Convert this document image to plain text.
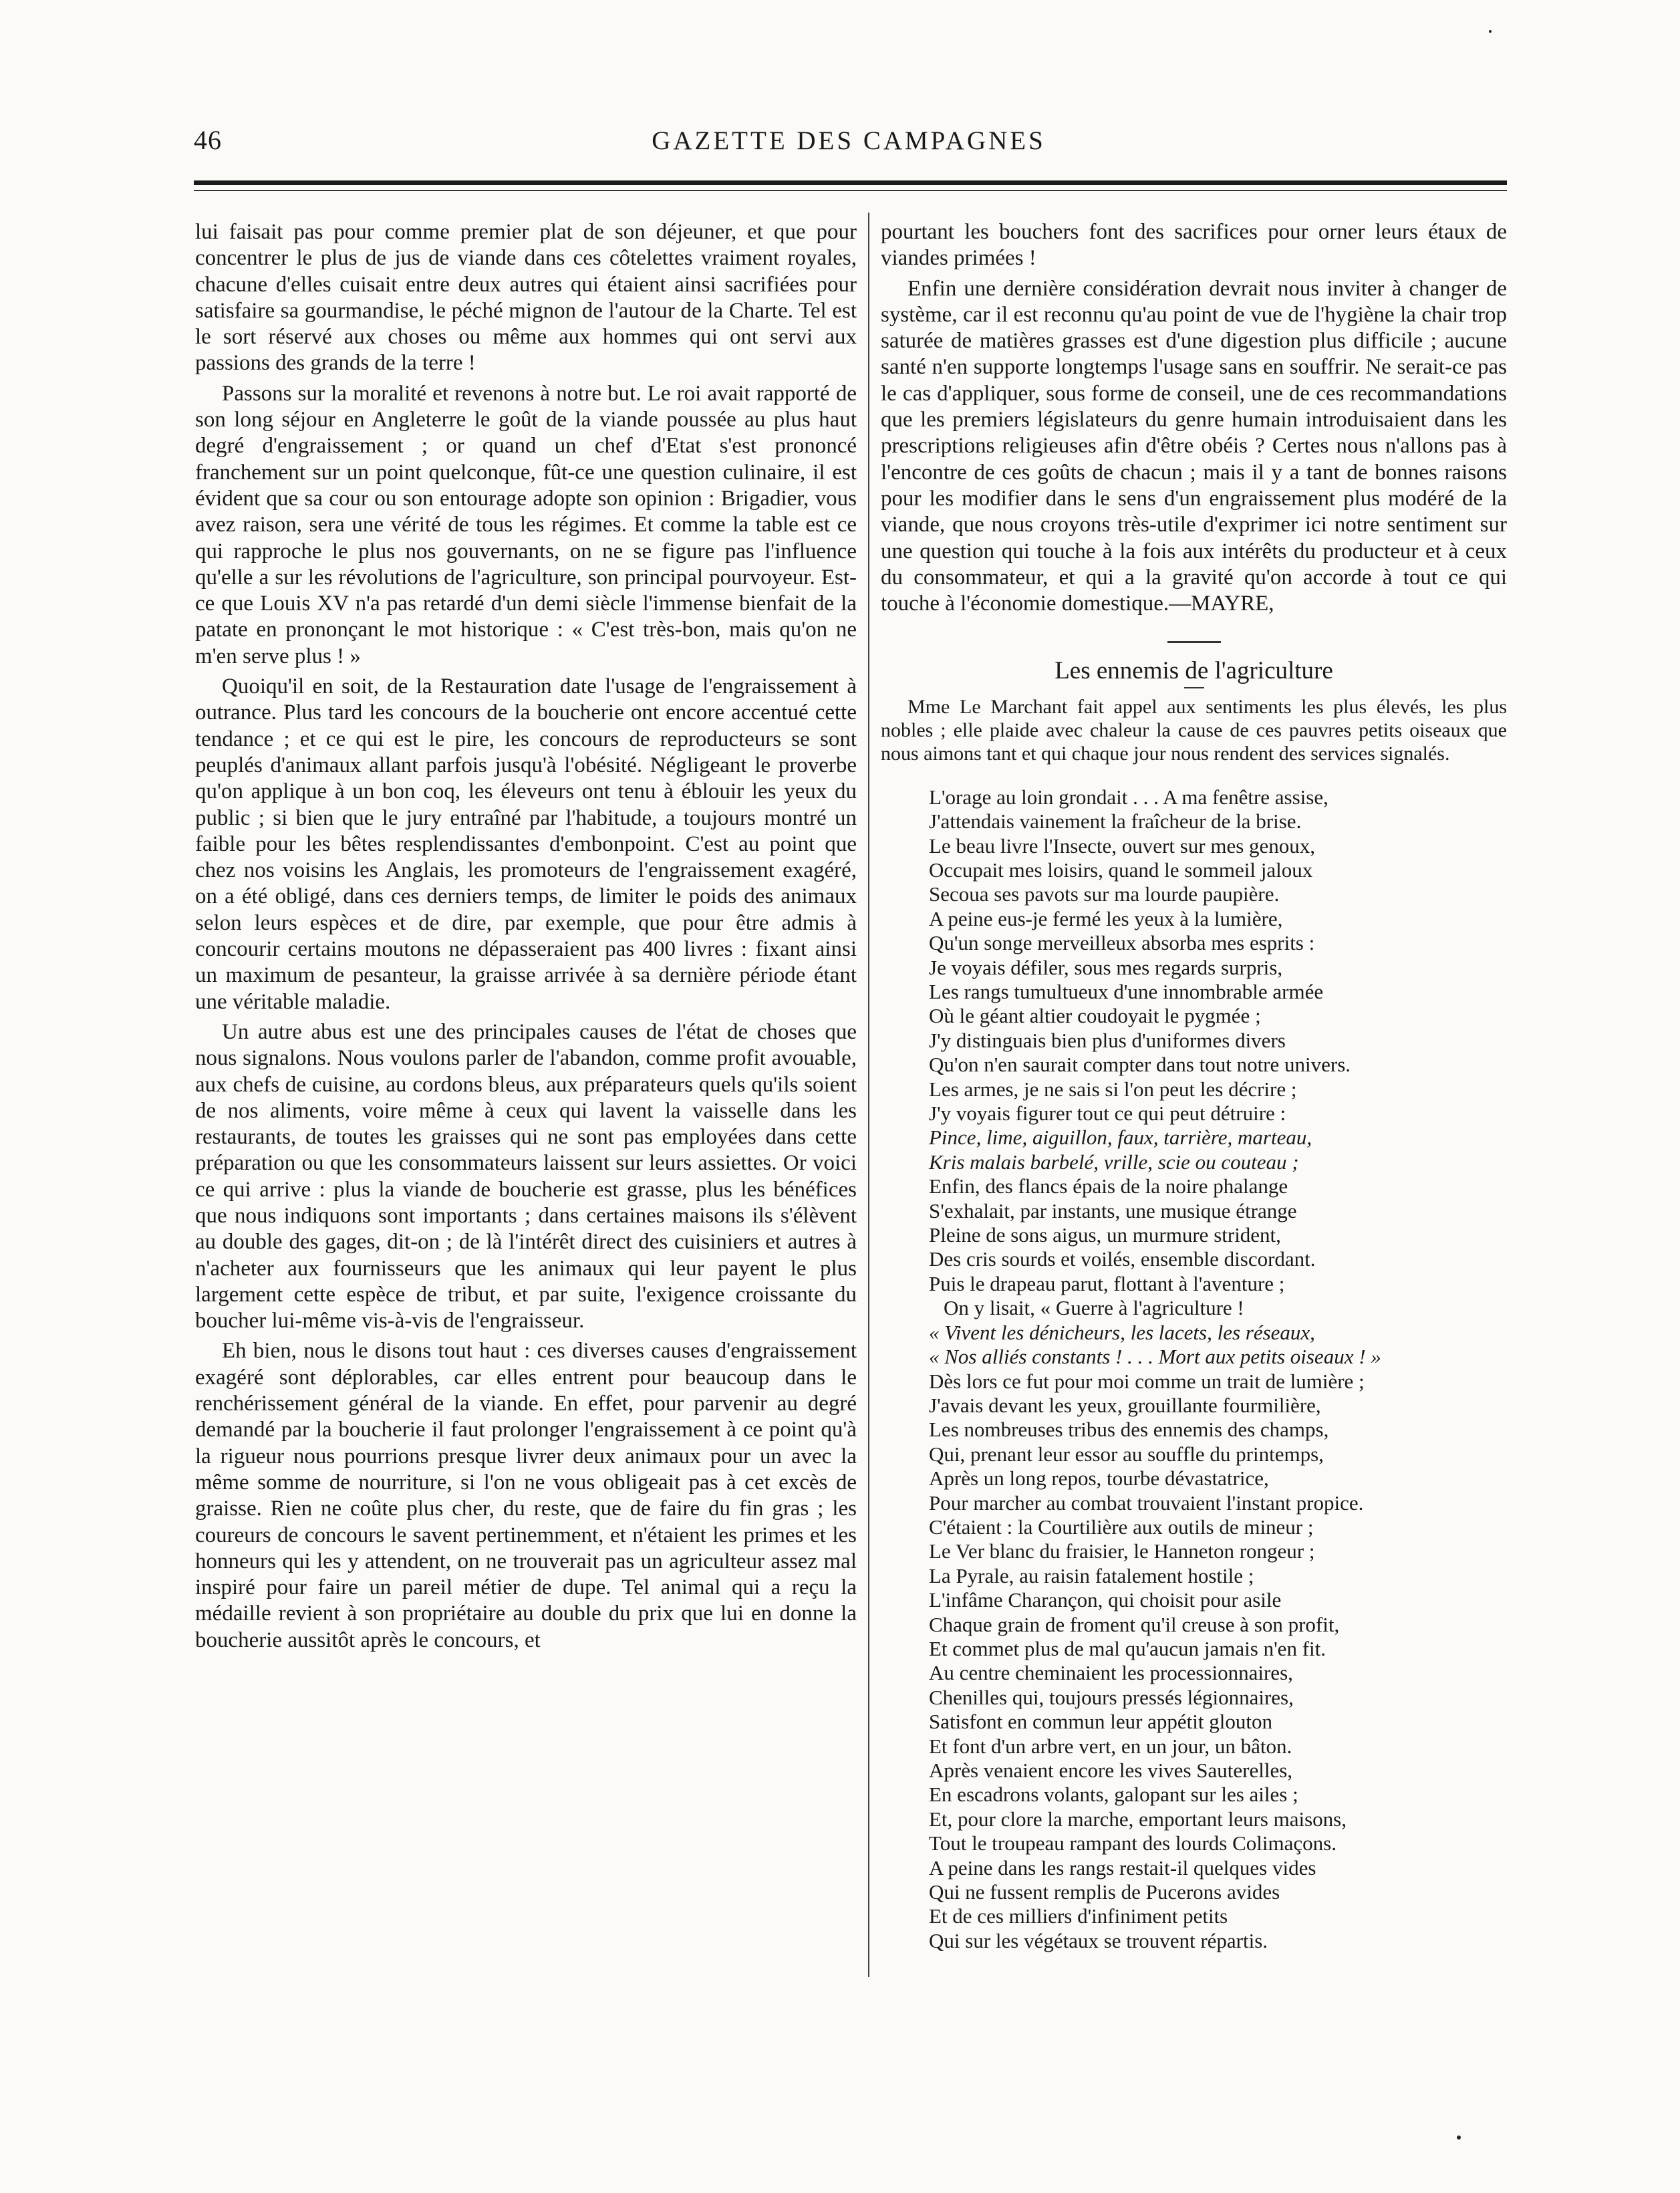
46	GAZETTE DES CAMPAGNES

lui faisait pas pour comme premier plat de son déjeuner, et que pour concentrer le plus de jus de viande dans ces côtelettes vraiment royales, chacune d'elles cuisait entre deux autres qui étaient ainsi sacrifiées pour satisfaire sa gourmandise, le péché mignon de l'autour de la Charte. Tel est le sort réservé aux choses ou même aux hommes qui ont servi aux passions des grands de la terre !

Passons sur la moralité et revenons à notre but. Le roi avait rapporté de son long séjour en Angleterre le goût de la viande poussée au plus haut degré d'engraissement ; or quand un chef d'Etat s'est prononcé franchement sur un point quelconque, fût-ce une question culinaire, il est évident que sa cour ou son entourage adopte son opinion : Brigadier, vous avez raison, sera une vérité de tous les régimes. Et comme la table est ce qui rapproche le plus nos gouvernants, on ne se figure pas l'influence qu'elle a sur les révolutions de l'agriculture, son principal pourvoyeur. Est-ce que Louis XV n'a pas retardé d'un demi siècle l'immense bienfait de la patate en prononçant le mot historique : « C'est très-bon, mais qu'on ne m'en serve plus ! »

Quoiqu'il en soit, de la Restauration date l'usage de l'engraissement à outrance. Plus tard les concours de la boucherie ont encore accentué cette tendance ; et ce qui est le pire, les concours de reproducteurs se sont peuplés d'animaux allant parfois jusqu'à l'obésité. Négligeant le proverbe qu'on applique à un bon coq, les éleveurs ont tenu à éblouir les yeux du public ; si bien que le jury entraîné par l'habitude, a toujours montré un faible pour les bêtes resplendissantes d'embonpoint. C'est au point que chez nos voisins les Anglais, les promoteurs de l'engraissement exagéré, on a été obligé, dans ces derniers temps, de limiter le poids des animaux selon leurs espèces et de dire, par exemple, que pour être admis à concourir certains moutons ne dépasseraient pas 400 livres : fixant ainsi un maximum de pesanteur, la graisse arrivée à sa dernière période étant une véritable maladie.

Un autre abus est une des principales causes de l'état de choses que nous signalons. Nous voulons parler de l'abandon, comme profit avouable, aux chefs de cuisine, au cordons bleus, aux préparateurs quels qu'ils soient de nos aliments, voire même à ceux qui lavent la vaisselle dans les restaurants, de toutes les graisses qui ne sont pas employées dans cette préparation ou que les consommateurs laissent sur leurs assiettes. Or voici ce qui arrive : plus la viande de boucherie est grasse, plus les bénéfices que nous indiquons sont importants ; dans certaines maisons ils s'élèvent au double des gages, dit-on ; de là l'intérêt direct des cuisiniers et autres à n'acheter aux fournisseurs que les animaux qui leur payent le plus largement cette espèce de tribut, et par suite, l'exigence croissante du boucher lui-même vis-à-vis de l'engraisseur.

Eh bien, nous le disons tout haut : ces diverses causes d'engraissement exagéré sont déplorables, car elles entrent pour beaucoup dans le renchérissement général de la viande. En effet, pour parvenir au degré demandé par la boucherie il faut prolonger l'engraissement à ce point qu'à la rigueur nous pourrions presque livrer deux animaux pour un avec la même somme de nourriture, si l'on ne vous obligeait pas à cet excès de graisse. Rien ne coûte plus cher, du reste, que de faire du fin gras ; les coureurs de concours le savent pertinemment, et n'étaient les primes et les honneurs qui les y attendent, on ne trouverait pas un agriculteur assez mal inspiré pour faire un pareil métier de dupe. Tel animal qui a reçu la médaille revient à son propriétaire au double du prix que lui en donne la boucherie aussitôt après le concours, et

pourtant les bouchers font des sacrifices pour orner leurs étaux de viandes primées !

Enfin une dernière considération devrait nous inviter à changer de système, car il est reconnu qu'au point de vue de l'hygiène la chair trop saturée de matières grasses est d'une digestion plus difficile ; aucune santé n'en supporte longtemps l'usage sans en souffrir. Ne serait-ce pas le cas d'appliquer, sous forme de conseil, une de ces recommandations que les premiers législateurs du genre humain introduisaient dans les prescriptions religieuses afin d'être obéis ? Certes nous n'allons pas à l'encontre de ces goûts de chacun ; mais il y a tant de bonnes raisons pour les modifier dans le sens d'un engraissement plus modéré de la viande, que nous croyons très-utile d'exprimer ici notre sentiment sur une question qui touche à la fois aux intérêts du producteur et à ceux du consommateur, et qui a la gravité qu'on accorde à tout ce qui touche à l'économie domestique.—MAYRE,

Les ennemis de l'agriculture

Mme Le Marchant fait appel aux sentiments les plus élevés, les plus nobles ; elle plaide avec chaleur la cause de ces pauvres petits oiseaux que nous aimons tant et qui chaque jour nous rendent des services signalés.

L'orage au loin grondait . . . A ma fenêtre assise,
J'attendais vainement la fraîcheur de la brise.
Le beau livre l'Insecte, ouvert sur mes genoux,
Occupait mes loisirs, quand le sommeil jaloux
Secoua ses pavots sur ma lourde paupière.
A peine eus-je fermé les yeux à la lumière,
Qu'un songe merveilleux absorba mes esprits :
Je voyais défiler, sous mes regards surpris,
Les rangs tumultueux d'une innombrable armée
Où le géant altier coudoyait le pygmée ;
J'y distinguais bien plus d'uniformes divers
Qu'on n'en saurait compter dans tout notre univers.
Les armes, je ne sais si l'on peut les décrire ;
J'y voyais figurer tout ce qui peut détruire :
Pince, lime, aiguillon, faux, tarrière, marteau,
Kris malais barbelé, vrille, scie ou couteau ;
Enfin, des flancs épais de la noire phalange
S'exhalait, par instants, une musique étrange
Pleine de sons aigus, un murmure strident,
Des cris sourds et voilés, ensemble discordant.
Puis le drapeau parut, flottant à l'aventure ;
On y lisait, « Guerre à l'agriculture !
« Vivent les dénicheurs, les lacets, les réseaux,
« Nos alliés constants ! . . . Mort aux petits oiseaux ! »
Dès lors ce fut pour moi comme un trait de lumière ;
J'avais devant les yeux, grouillante fourmilière,
Les nombreuses tribus des ennemis des champs,
Qui, prenant leur essor au souffle du printemps,
Après un long repos, tourbe dévastatrice,
Pour marcher au combat trouvaient l'instant propice.
C'étaient : la Courtilière aux outils de mineur ;
Le Ver blanc du fraisier, le Hanneton rongeur ;
La Pyrale, au raisin fatalement hostile ;
L'infâme Charançon, qui choisit pour asile
Chaque grain de froment qu'il creuse à son profit,
Et commet plus de mal qu'aucun jamais n'en fit.
Au centre cheminaient les processionnaires,
Chenilles qui, toujours pressés légionnaires,
Satisfont en commun leur appétit glouton
Et font d'un arbre vert, en un jour, un bâton.
Après venaient encore les vives Sauterelles,
En escadrons volants, galopant sur les ailes ;
Et, pour clore la marche, emportant leurs maisons,
Tout le troupeau rampant des lourds Colimaçons.
A peine dans les rangs restait-il quelques vides
Qui ne fussent remplis de Pucerons avides
Et de ces milliers d'infiniment petits
Qui sur les végétaux se trouvent répartis.
